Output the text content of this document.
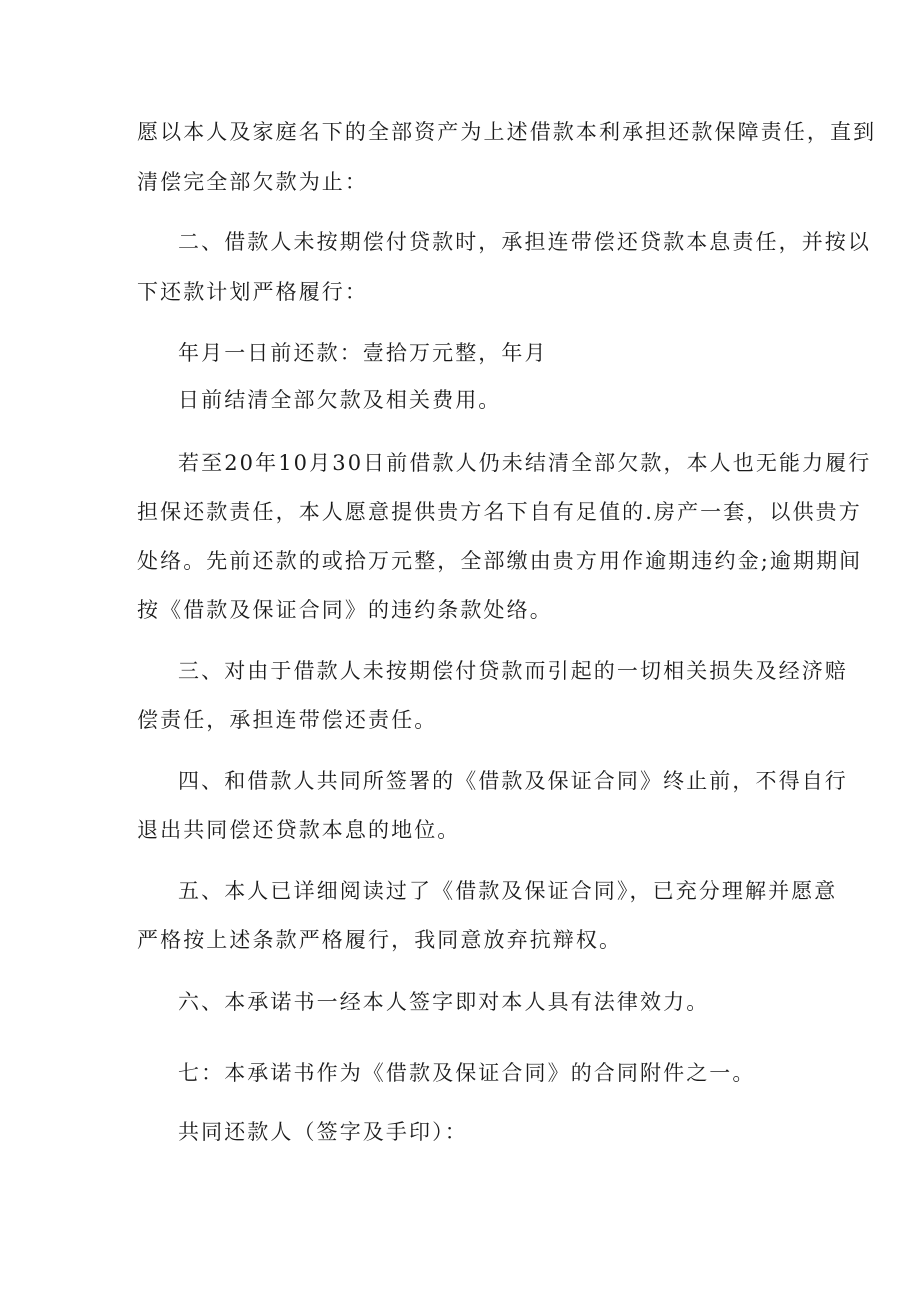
愿以本人及家庭名下的全部资产为上述借款本利承担还款保障责任，直到
清偿完全部欠款为止：
二、借款人未按期偿付贷款时，承担连带偿还贷款本息责任，并按以
下还款计划严格履行：
年月一日前还款：壹拾万元整，年月
日前结清全部欠款及相关费用。
若至20年10月30日前借款人仍未结清全部欠款，本人也无能力履行
担保还款责任，本人愿意提供贵方名下自有足值的.房产一套，以供贵方
处络。先前还款的或拾万元整，全部缴由贵方用作逾期违约金;逾期期间
按《借款及保证合同》的违约条款处络。
三、对由于借款人未按期偿付贷款而引起的一切相关损失及经济赔
偿责任，承担连带偿还责任。
四、和借款人共同所签署的《借款及保证合同》终止前，不得自行
退出共同偿还贷款本息的地位。
五、本人已详细阅读过了《借款及保证合同》，已充分理解并愿意
严格按上述条款严格履行，我同意放弃抗辩权。
六、本承诺书一经本人签字即对本人具有法律效力。
七：本承诺书作为《借款及保证合同》的合同附件之一。
共同还款人（签字及手印）：
